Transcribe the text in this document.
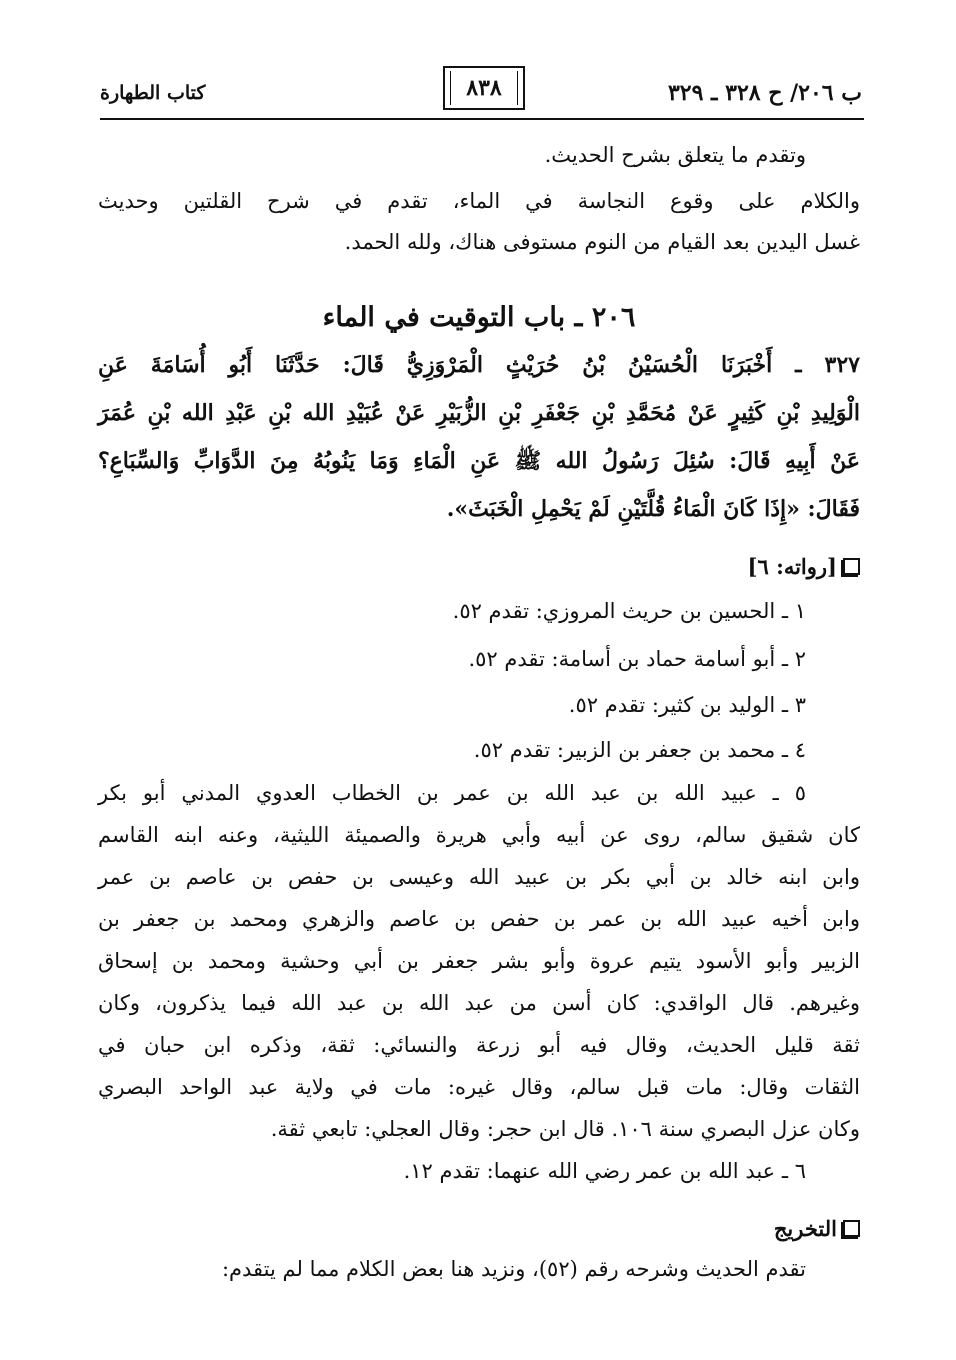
ب ٢٠٦/ ح ٣٢٨ ـ ٣٢٩
٨٣٨
كتاب الطهارة
وتقدم ما يتعلق بشرح الحديث.
والكلام على وقوع النجاسة في الماء، تقدم في شرح القلتين وحديث
غسل اليدين بعد القيام من النوم مستوفى هناك، ولله الحمد.
٢٠٦ ـ باب التوقيت في الماء
٣٢٧ ـ أَخْبَرَنَا الْحُسَيْنُ بْنُ حُرَيْثٍ الْمَرْوَزِيُّ قَالَ: حَدَّثَنَا أَبُو أُسَامَةَ عَنِ
الْوَلِيدِ بْنِ كَثِيرٍ عَنْ مُحَمَّدِ بْنِ جَعْفَرِ بْنِ الزُّبَيْرِ عَنْ عُبَيْدِ الله بْنِ عَبْدِ الله بْنِ عُمَرَ
عَنْ أَبِيهِ قَالَ: سُئِلَ رَسُولُ الله ﷺ عَنِ الْمَاءِ وَمَا يَنُوبُهُ مِنَ الدَّوَابِّ وَالسِّبَاعِ؟
فَقَالَ: «إِذَا كَانَ الْمَاءُ قُلَّتَيْنِ لَمْ يَحْمِلِ الْخَبَثَ».
[رواته: ٦]
١ ـ الحسين بن حريث المروزي: تقدم ٥٢.
٢ ـ أبو أسامة حماد بن أسامة: تقدم ٥٢.
٣ ـ الوليد بن كثير: تقدم ٥٢.
٤ ـ محمد بن جعفر بن الزبير: تقدم ٥٢.
٥ ـ عبيد الله بن عبد الله بن عمر بن الخطاب العدوي المدني أبو بكر
كان شقيق سالم، روى عن أبيه وأبي هريرة والصميئة الليثية، وعنه ابنه القاسم
وابن ابنه خالد بن أبي بكر بن عبيد الله وعيسى بن حفص بن عاصم بن عمر
وابن أخيه عبيد الله بن عمر بن حفص بن عاصم والزهري ومحمد بن جعفر بن
الزبير وأبو الأسود يتيم عروة وأبو بشر جعفر بن أبي وحشية ومحمد بن إسحاق
وغيرهم. قال الواقدي: كان أسن من عبد الله بن عبد الله فيما يذكرون، وكان
ثقة قليل الحديث، وقال فيه أبو زرعة والنسائي: ثقة، وذكره ابن حبان في
الثقات وقال: مات قبل سالم، وقال غيره: مات في ولاية عبد الواحد البصري
وكان عزل البصري سنة ١٠٦. قال ابن حجر: وقال العجلي: تابعي ثقة.
٦ ـ عبد الله بن عمر رضي الله عنهما: تقدم ١٢.
التخريج
تقدم الحديث وشرحه رقم (٥٢)، ونزيد هنا بعض الكلام مما لم يتقدم:
